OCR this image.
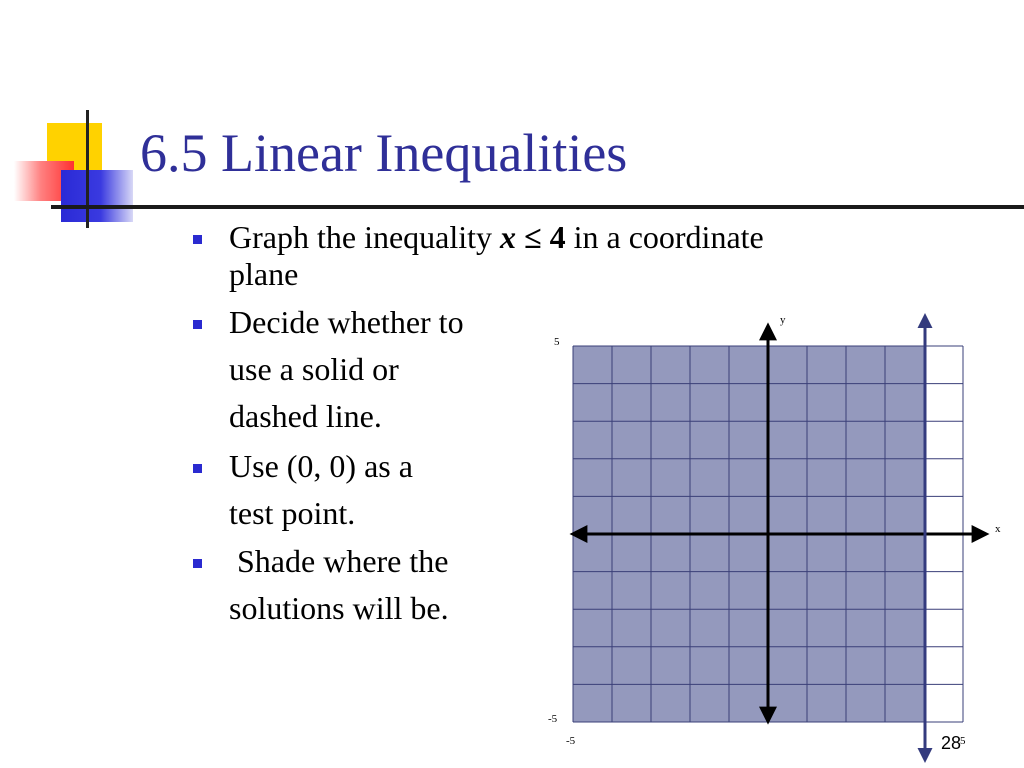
6.5 Linear Inequalities
Graph the inequality x ≤ 4 in a coordinate
plane
Decide whether to
use a solid or
dashed line.
Use (0, 0) as a
test point.
Shade where the
solutions will be.
y
x
5
-5
-5	5
28
